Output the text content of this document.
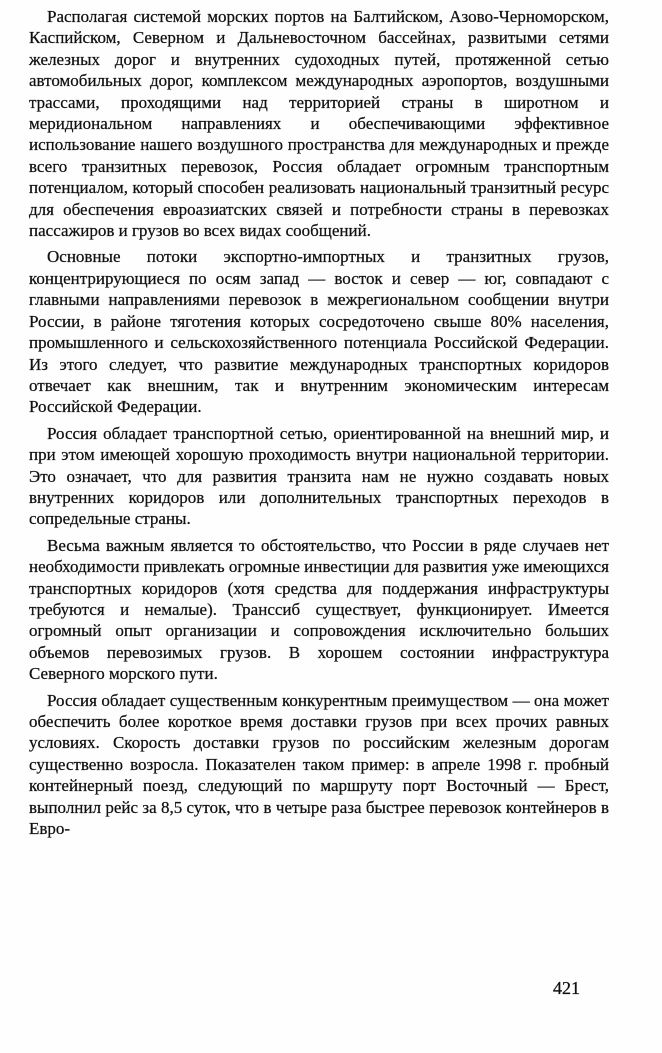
Располагая системой морских портов на Балтийском, Азово-Черноморском, Каспийском, Северном и Дальневосточном бассейнах, развитыми сетями железных дорог и внутренних судоходных путей, протяженной сетью автомобильных дорог, комплексом международных аэропортов, воздушными трассами, проходящими над территорией страны в широтном и меридиональном направлениях и обеспечивающими эффективное использование нашего воздушного пространства для международных и прежде всего транзитных перевозок, Россия обладает огромным транспортным потенциалом, который способен реализовать национальный транзитный ресурс для обеспечения евроазиатских связей и потребности страны в перевозках пассажиров и грузов во всех видах сообщений.

Основные потоки экспортно-импортных и транзитных грузов, концентрирующиеся по осям запад — восток и север — юг, совпадают с главными направлениями перевозок в межрегиональном сообщении внутри России, в районе тяготения которых сосредоточено свыше 80% населения, промышленного и сельскохозяйственного потенциала Российской Федерации. Из этого следует, что развитие международных транспортных коридоров отвечает как внешним, так и внутренним экономическим интересам Российской Федерации.

Россия обладает транспортной сетью, ориентированной на внешний мир, и при этом имеющей хорошую проходимость внутри национальной территории. Это означает, что для развития транзита нам не нужно создавать новых внутренних коридоров или дополнительных транспортных переходов в сопредельные страны.

Весьма важным является то обстоятельство, что России в ряде случаев нет необходимости привлекать огромные инвестиции для развития уже имеющихся транспортных коридоров (хотя средства для поддержания инфраструктуры требуются и немалые). Транссиб существует, функционирует. Имеется огромный опыт организации и сопровождения исключительно больших объемов перевозимых грузов. В хорошем состоянии инфраструктура Северного морского пути.

Россия обладает существенным конкурентным преимуществом — она может обеспечить более короткое время доставки грузов при всех прочих равных условиях. Скорость доставки грузов по российским железным дорогам существенно возросла. Показателен таком пример: в апреле 1998 г. пробный контейнерный поезд, следующий по маршруту порт Восточный — Брест, выполнил рейс за 8,5 суток, что в четыре раза быстрее перевозок контейнеров в Евро-

421
